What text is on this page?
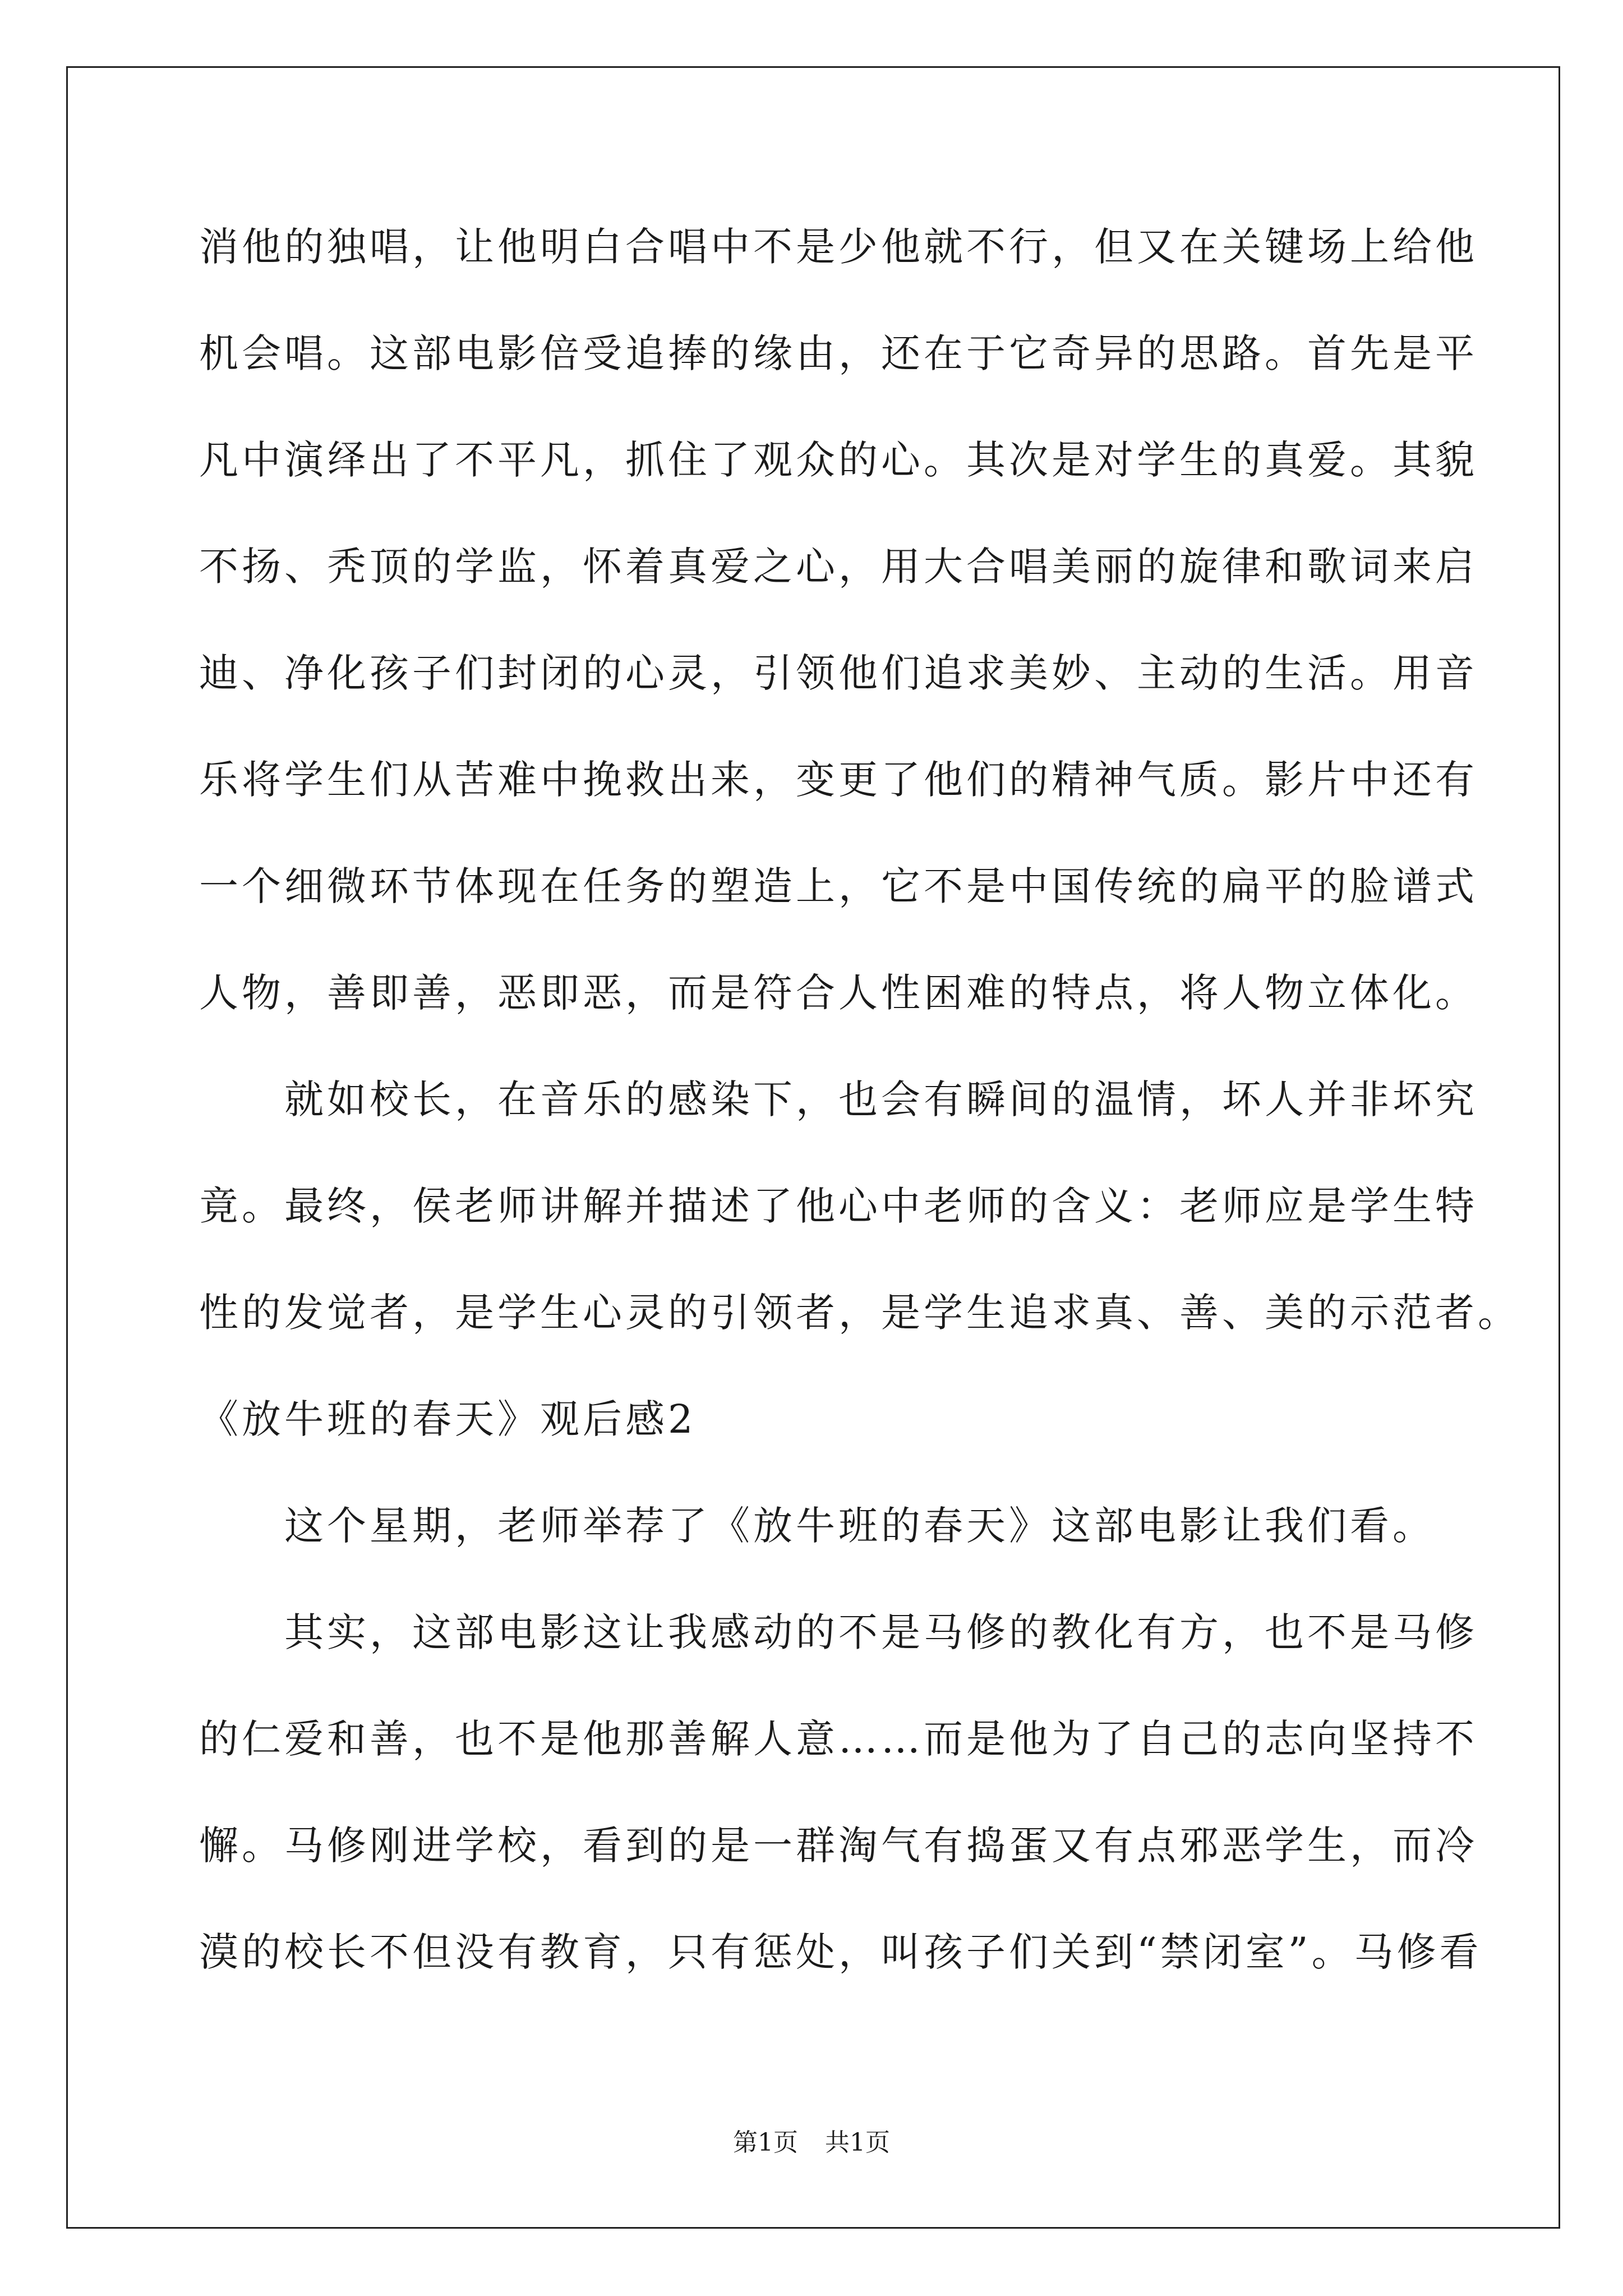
消他的独唱，让他明白合唱中不是少他就不行，但又在关键场上给他
机会唱。这部电影倍受追捧的缘由，还在于它奇异的思路。首先是平
凡中演绎出了不平凡，抓住了观众的心。其次是对学生的真爱。其貌
不扬、秃顶的学监，怀着真爱之心，用大合唱美丽的旋律和歌词来启
迪、净化孩子们封闭的心灵，引领他们追求美妙、主动的生活。用音
乐将学生们从苦难中挽救出来，变更了他们的精神气质。影片中还有
一个细微环节体现在任务的塑造上，它不是中国传统的扁平的脸谱式
人物，善即善，恶即恶，而是符合人性困难的特点，将人物立体化。
就如校长，在音乐的感染下，也会有瞬间的温情，坏人并非坏究
竟。最终，侯老师讲解并描述了他心中老师的含义：老师应是学生特
性的发觉者，是学生心灵的引领者，是学生追求真、善、美的示范者。
《放牛班的春天》观后感2
这个星期，老师举荐了《放牛班的春天》这部电影让我们看。
其实，这部电影这让我感动的不是马修的教化有方，也不是马修
的仁爱和善，也不是他那善解人意……而是他为了自己的志向坚持不
懈。马修刚进学校，看到的是一群淘气有捣蛋又有点邪恶学生，而冷
漠的校长不但没有教育，只有惩处，叫孩子们关到“禁闭室”。马修看
第1页 共1页
